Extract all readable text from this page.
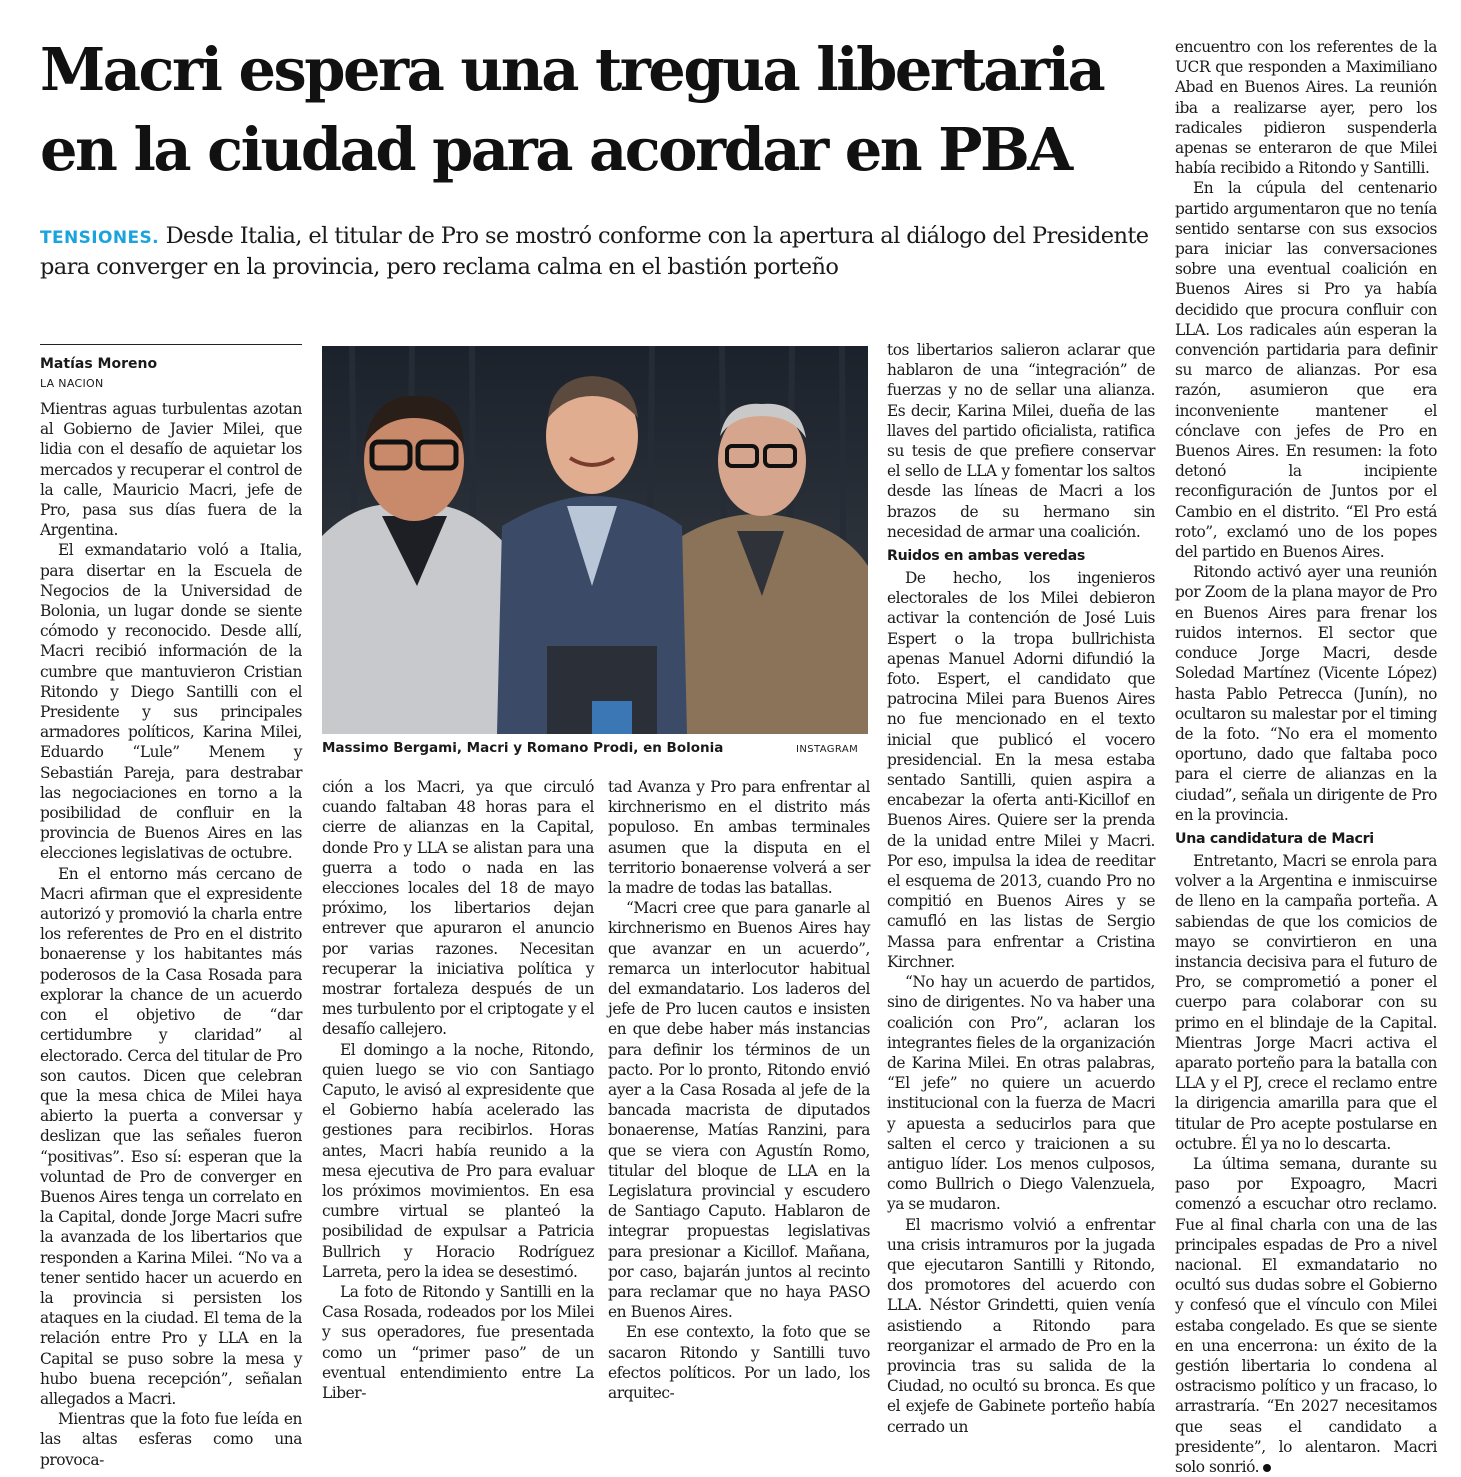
Macri espera una tregua libertaria en la ciudad para acordar en PBA

TENSIONES. Desde Italia, el titular de Pro se mostró conforme con la apertura al diálogo del Presidente para converger en la provincia, pero reclama calma en el bastión porteño

Matías Moreno

LA NACION

Mientras aguas turbulentas azotan al Gobierno de Javier Milei, que lidia con el desafío de aquietar los mercados y recuperar el control de la calle, Mauricio Macri, jefe de Pro, pasa sus días fuera de la Argentina.

El exmandatario voló a Italia, para disertar en la Escuela de Negocios de la Universidad de Bolonia, un lugar donde se siente cómodo y reconocido. Desde allí, Macri recibió información de la cumbre que mantuvieron Cristian Ritondo y Diego Santilli con el Presidente y sus principales armadores políticos, Karina Milei, Eduardo “Lule” Menem y Sebastián Pareja, para destrabar las negociaciones en torno a la posibilidad de confluir en la provincia de Buenos Aires en las elecciones legislativas de octubre.

En el entorno más cercano de Macri afirman que el expresidente autorizó y promovió la charla entre los referentes de Pro en el distrito bonaerense y los habitantes más poderosos de la Casa Rosada para explorar la chance de un acuerdo con el objetivo de “dar certidumbre y claridad” al electorado. Cerca del titular de Pro son cautos. Dicen que celebran que la mesa chica de Milei haya abierto la puerta a conversar y deslizan que las señales fueron “positivas”. Eso sí: esperan que la voluntad de Pro de converger en Buenos Aires tenga un correlato en la Capital, donde Jorge Macri sufre la avanzada de los libertarios que responden a Karina Milei. “No va a tener sentido hacer un acuerdo en la provincia si persisten los ataques en la ciudad. El tema de la relación entre Pro y LLA en la Capital se puso sobre la mesa y hubo buena recepción”, señalan allegados a Macri.

Mientras que la foto fue leída en las altas esferas como una provoca-

Massimo Bergami, Macri y Romano Prodi, en Bolonia	INSTAGRAM

ción a los Macri, ya que circuló cuando faltaban 48 horas para el cierre de alianzas en la Capital, donde Pro y LLA se alistan para una guerra a todo o nada en las elecciones locales del 18 de mayo próximo, los libertarios dejan entrever que apuraron el anuncio por varias razones. Necesitan recuperar la iniciativa política y mostrar fortaleza después de un mes turbulento por el criptogate y el desafío callejero.

El domingo a la noche, Ritondo, quien luego se vio con Santiago Caputo, le avisó al expresidente que el Gobierno había acelerado las gestiones para recibirlos. Horas antes, Macri había reunido a la mesa ejecutiva de Pro para evaluar los próximos movimientos. En esa cumbre virtual se planteó la posibilidad de expulsar a Patricia Bullrich y Horacio Rodríguez Larreta, pero la idea se desestimó.

La foto de Ritondo y Santilli en la Casa Rosada, rodeados por los Milei y sus operadores, fue presentada como un “primer paso” de un eventual entendimiento entre La Liber-

tad Avanza y Pro para enfrentar al kirchnerismo en el distrito más populoso. En ambas terminales asumen que la disputa en el territorio bonaerense volverá a ser la madre de todas las batallas.

“Macri cree que para ganarle al kirchnerismo en Buenos Aires hay que avanzar en un acuerdo”, remarca un interlocutor habitual del exmandatario. Los laderos del jefe de Pro lucen cautos e insisten en que debe haber más instancias para definir los términos de un pacto. Por lo pronto, Ritondo envió ayer a la Casa Rosada al jefe de la bancada macrista de diputados bonaerense, Matías Ranzini, para que se viera con Agustín Romo, titular del bloque de LLA en la Legislatura provincial y escudero de Santiago Caputo. Hablaron de integrar propuestas legislativas para presionar a Kicillof. Mañana, por caso, bajarán juntos al recinto para reclamar que no haya PASO en Buenos Aires.

En ese contexto, la foto que se sacaron Ritondo y Santilli tuvo efectos políticos. Por un lado, los arquitec-

tos libertarios salieron aclarar que hablaron de una “integración” de fuerzas y no de sellar una alianza. Es decir, Karina Milei, dueña de las llaves del partido oficialista, ratifica su tesis de que prefiere conservar el sello de LLA y fomentar los saltos desde las líneas de Macri a los brazos de su hermano sin necesidad de armar una coalición.

Ruidos en ambas veredas

De hecho, los ingenieros electorales de los Milei debieron activar la contención de José Luis Espert o la tropa bullrichista apenas Manuel Adorni difundió la foto. Espert, el candidato que patrocina Milei para Buenos Aires no fue mencionado en el texto inicial que publicó el vocero presidencial. En la mesa estaba sentado Santilli, quien aspira a encabezar la oferta anti-Kicillof en Buenos Aires. Quiere ser la prenda de la unidad entre Milei y Macri. Por eso, impulsa la idea de reeditar el esquema de 2013, cuando Pro no compitió en Buenos Aires y se camufló en las listas de Sergio Massa para enfrentar a Cristina Kirchner.

“No hay un acuerdo de partidos, sino de dirigentes. No va haber una coalición con Pro”, aclaran los integrantes fieles de la organización de Karina Milei. En otras palabras, “El jefe” no quiere un acuerdo institucional con la fuerza de Macri y apuesta a seducirlos para que salten el cerco y traicionen a su antiguo líder. Los menos culposos, como Bullrich o Diego Valenzuela, ya se mudaron.

El macrismo volvió a enfrentar una crisis intramuros por la jugada que ejecutaron Santilli y Ritondo, dos promotores del acuerdo con LLA. Néstor Grindetti, quien venía asistiendo a Ritondo para reorganizar el armado de Pro en la provincia tras su salida de la Ciudad, no ocultó su bronca. Es que el exjefe de Gabinete porteño había cerrado un

encuentro con los referentes de la UCR que responden a Maximiliano Abad en Buenos Aires. La reunión iba a realizarse ayer, pero los radicales pidieron suspenderla apenas se enteraron de que Milei había recibido a Ritondo y Santilli.

En la cúpula del centenario partido argumentaron que no tenía sentido sentarse con sus exsocios para iniciar las conversaciones sobre una eventual coalición en Buenos Aires si Pro ya había decidido que procura confluir con LLA. Los radicales aún esperan la convención partidaria para definir su marco de alianzas. Por esa razón, asumieron que era inconveniente mantener el cónclave con jefes de Pro en Buenos Aires. En resumen: la foto detonó la incipiente reconfiguración de Juntos por el Cambio en el distrito. “El Pro está roto”, exclamó uno de los popes del partido en Buenos Aires.

Ritondo activó ayer una reunión por Zoom de la plana mayor de Pro en Buenos Aires para frenar los ruidos internos. El sector que conduce Jorge Macri, desde Soledad Martínez (Vicente López) hasta Pablo Petrecca (Junín), no ocultaron su malestar por el timing de la foto. “No era el momento oportuno, dado que faltaba poco para el cierre de alianzas en la ciudad”, señala un dirigente de Pro en la provincia.

Una candidatura de Macri

Entretanto, Macri se enrola para volver a la Argentina e inmiscuirse de lleno en la campaña porteña. A sabiendas de que los comicios de mayo se convirtieron en una instancia decisiva para el futuro de Pro, se comprometió a poner el cuerpo para colaborar con su primo en el blindaje de la Capital. Mientras Jorge Macri activa el aparato porteño para la batalla con LLA y el PJ, crece el reclamo entre la dirigencia amarilla para que el titular de Pro acepte postularse en octubre. Él ya no lo descarta.

La última semana, durante su paso por Expoagro, Macri comenzó a escuchar otro reclamo. Fue al final charla con una de las principales espadas de Pro a nivel nacional. El exmandatario no ocultó sus dudas sobre el Gobierno y confesó que el vínculo con Milei estaba congelado. Es que se siente en una encerrona: un éxito de la gestión libertaria lo condena al ostracismo político y un fracaso, lo arrastraría. “En 2027 necesitamos que seas el candidato a presidente”, lo alentaron. Macri solo sonrió.
